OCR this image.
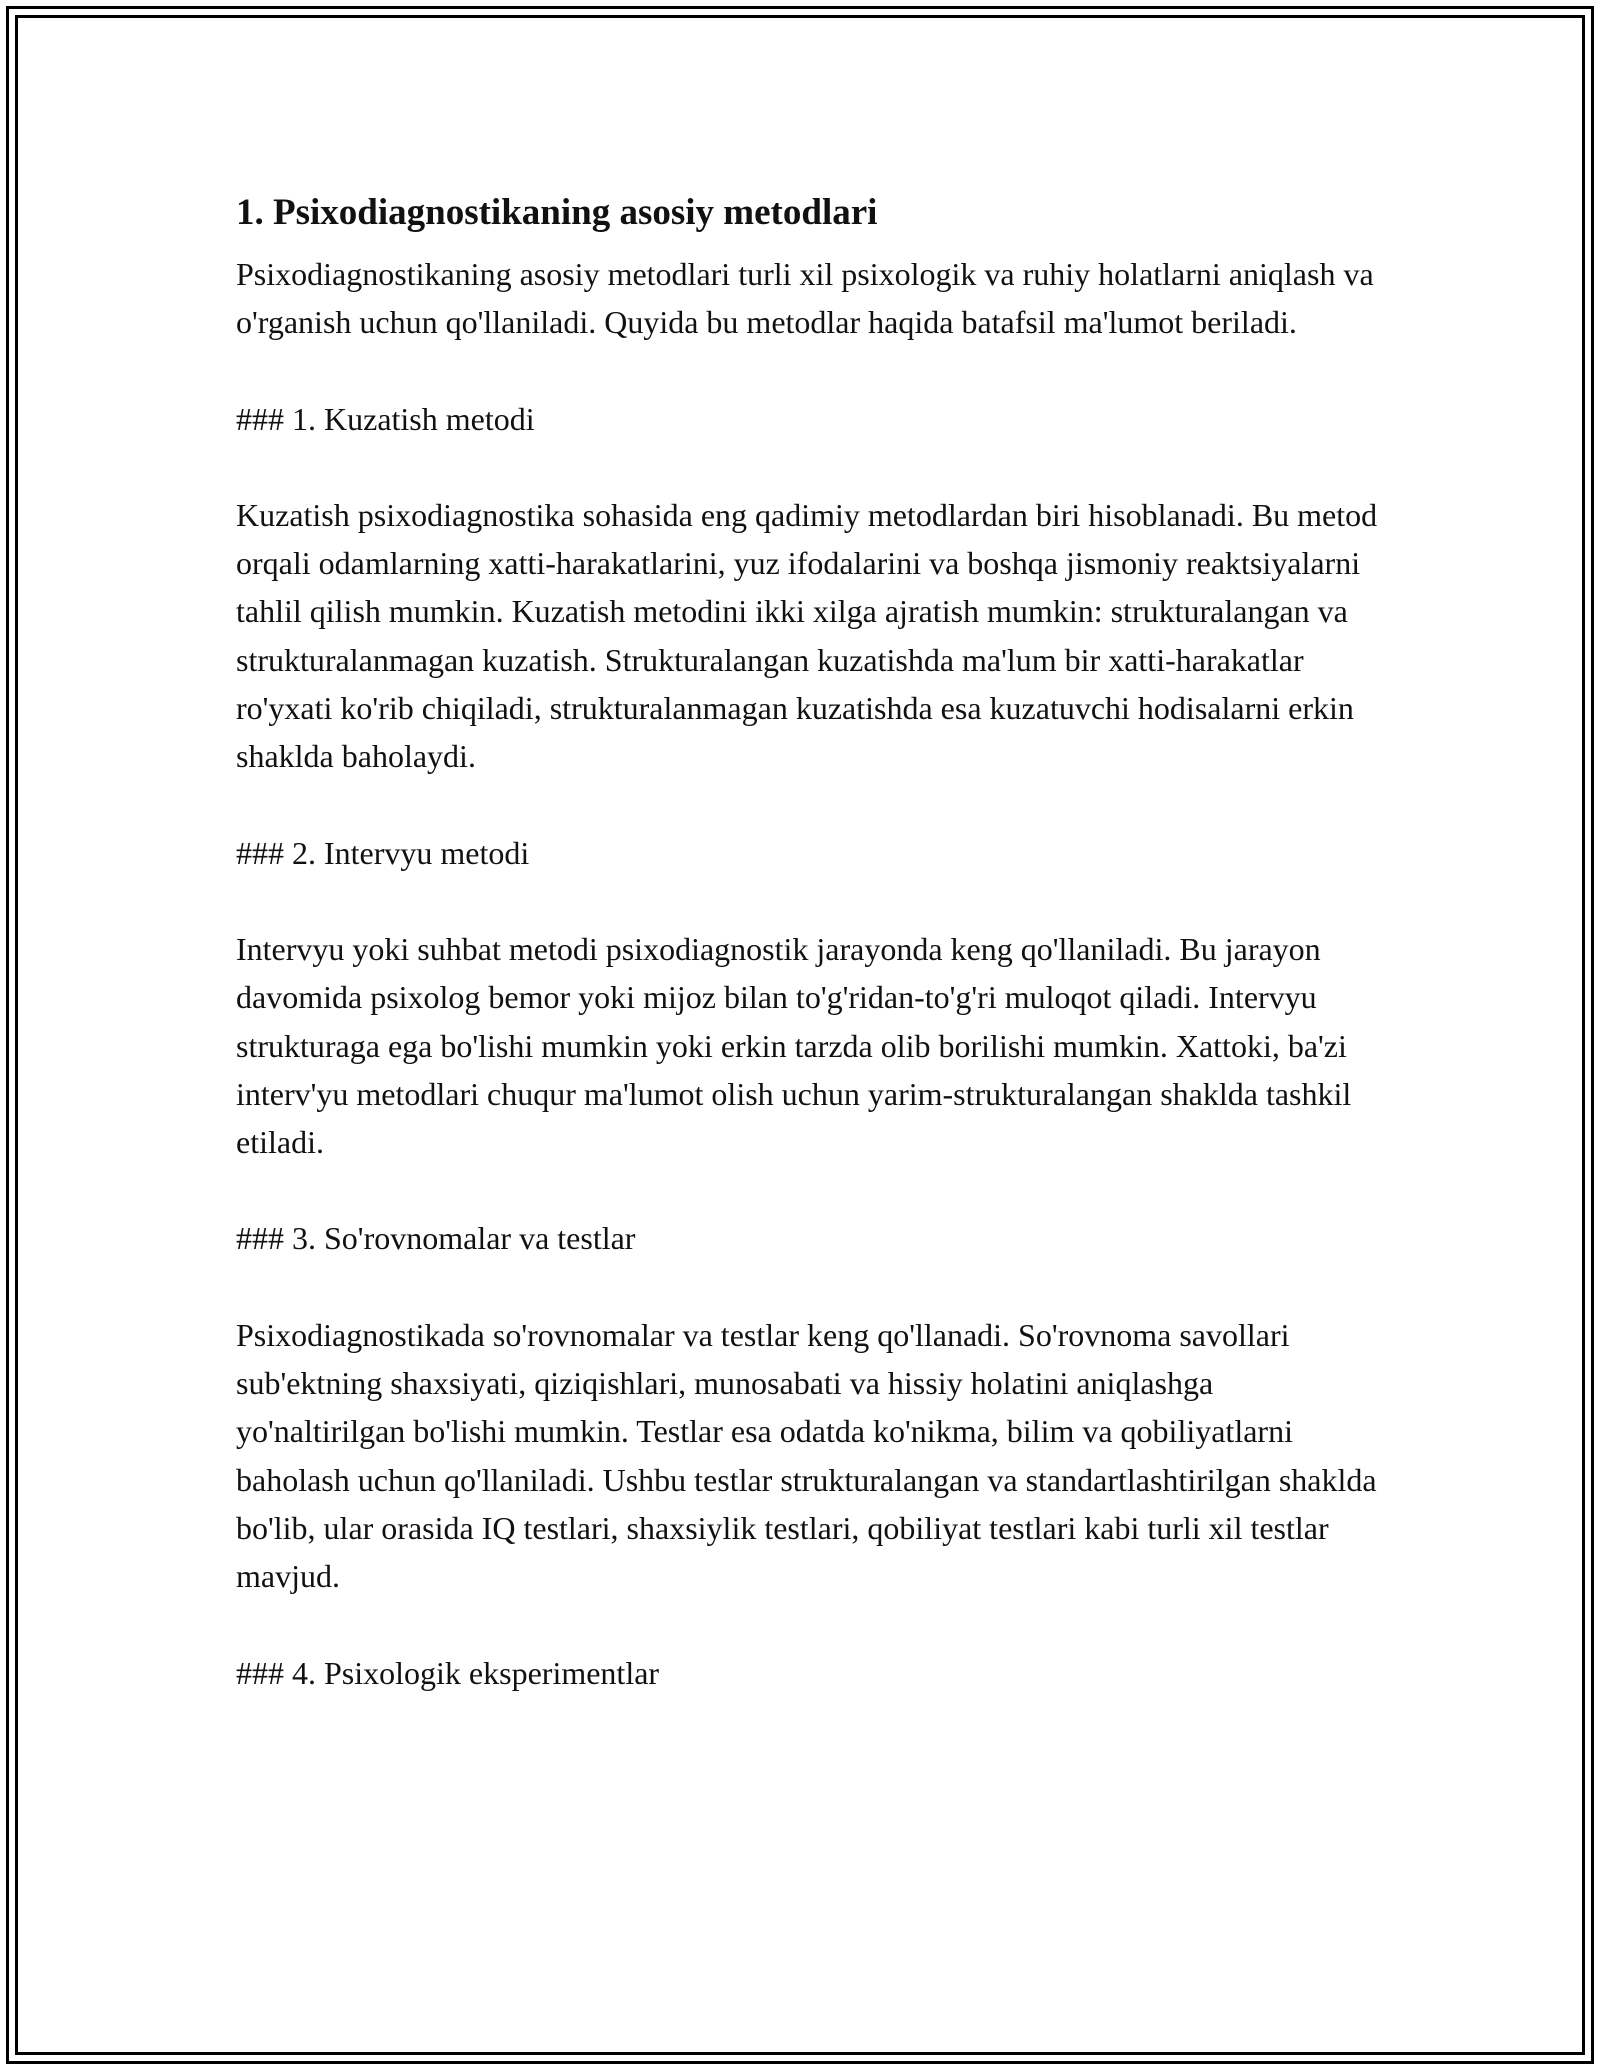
1. Psixodiagnostikaning asosiy metodlari

Psixodiagnostikaning asosiy metodlari turli xil psixologik va ruhiy holatlarni aniqlash va o'rganish uchun qo'llaniladi. Quyida bu metodlar haqida batafsil ma'lumot beriladi.

### 1. Kuzatish metodi

Kuzatish psixodiagnostika sohasida eng qadimiy metodlardan biri hisoblanadi. Bu metod orqali odamlarning xatti-harakatlarini, yuz ifodalarini va boshqa jismoniy reaktsiyalarni tahlil qilish mumkin. Kuzatish metodini ikki xilga ajratish mumkin: strukturalangan va strukturalanmagan kuzatish. Strukturalangan kuzatishda ma'lum bir xatti-harakatlar ro'yxati ko'rib chiqiladi, strukturalanmagan kuzatishda esa kuzatuvchi hodisalarni erkin shaklda baholaydi.

### 2. Intervyu metodi

Intervyu yoki suhbat metodi psixodiagnostik jarayonda keng qo'llaniladi. Bu jarayon davomida psixolog bemor yoki mijoz bilan to'g'ridan-to'g'ri muloqot qiladi. Intervyu strukturaga ega bo'lishi mumkin yoki erkin tarzda olib borilishi mumkin. Xattoki, ba'zi interv'yu metodlari chuqur ma'lumot olish uchun yarim-strukturalangan shaklda tashkil etiladi.

### 3. So'rovnomalar va testlar

Psixodiagnostikada so'rovnomalar va testlar keng qo'llanadi. So'rovnoma savollari sub'ektning shaxsiyati, qiziqishlari, munosabati va hissiy holatini aniqlashga yo'naltirilgan bo'lishi mumkin. Testlar esa odatda ko'nikma, bilim va qobiliyatlarni baholash uchun qo'llaniladi. Ushbu testlar strukturalangan va standartlashtirilgan shaklda bo'lib, ular orasida IQ testlari, shaxsiylik testlari, qobiliyat testlari kabi turli xil testlar mavjud.

### 4. Psixologik eksperimentlar
